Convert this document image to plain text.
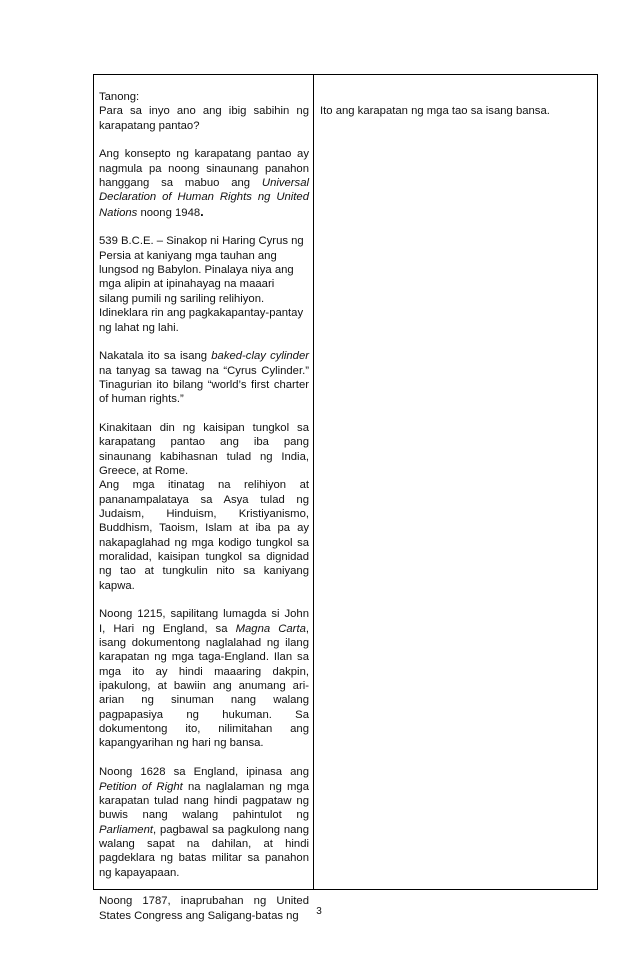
Tanong:

Para sa inyo ano ang ibig sabihin ng karapatang pantao?

Ang konsepto ng karapatang pantao ay nagmula pa noong sinaunang panahon hanggang sa mabuo ang Universal Declaration of Human Rights ng United Nations noong 1948.

539 B.C.E. – Sinakop ni Haring Cyrus ng
Persia at kaniyang mga tauhan ang
lungsod ng Babylon. Pinalaya niya ang
mga alipin at ipinahayag na maaari
silang pumili ng sariling relihiyon.
Idineklara rin ang pagkakapantay-pantay
ng lahat ng lahi.

Nakatala ito sa isang baked-clay cylinder na tanyag sa tawag na “Cyrus Cylinder.” Tinagurian ito bilang “world’s first charter of human rights.”

Kinakitaan din ng kaisipan tungkol sa karapatang pantao ang iba pang sinaunang kabihasnan tulad ng India, Greece, at Rome.

Ang mga itinatag na relihiyon at pananampalataya sa Asya tulad ng Judaism, Hinduism, Kristiyanismo, Buddhism, Taoism, Islam at iba pa ay nakapaglahad ng mga kodigo tungkol sa moralidad, kaisipan tungkol sa dignidad ng tao at tungkulin nito sa kaniyang kapwa.

Noong 1215, sapilitang lumagda si John I, Hari ng England, sa Magna Carta, isang dokumentong naglalahad ng ilang karapatan ng mga taga-England. Ilan sa mga ito ay hindi maaaring dakpin, ipakulong, at bawiin ang anumang ari-arian ng sinuman nang walang pagpapasiya ng hukuman. Sa dokumentong ito, nilimitahan ang kapangyarihan ng hari ng bansa.

Noong 1628 sa England, ipinasa ang Petition of Right na naglalaman ng mga karapatan tulad nang hindi pagpataw ng buwis nang walang pahintulot ng Parliament, pagbawal sa pagkulong nang walang sapat na dahilan, at hindi pagdeklara ng batas militar sa panahon ng kapayapaan.

Noong 1787, inaprubahan ng United States Congress ang Saligang-batas ng

Ito ang karapatan ng mga tao sa isang bansa.
3
